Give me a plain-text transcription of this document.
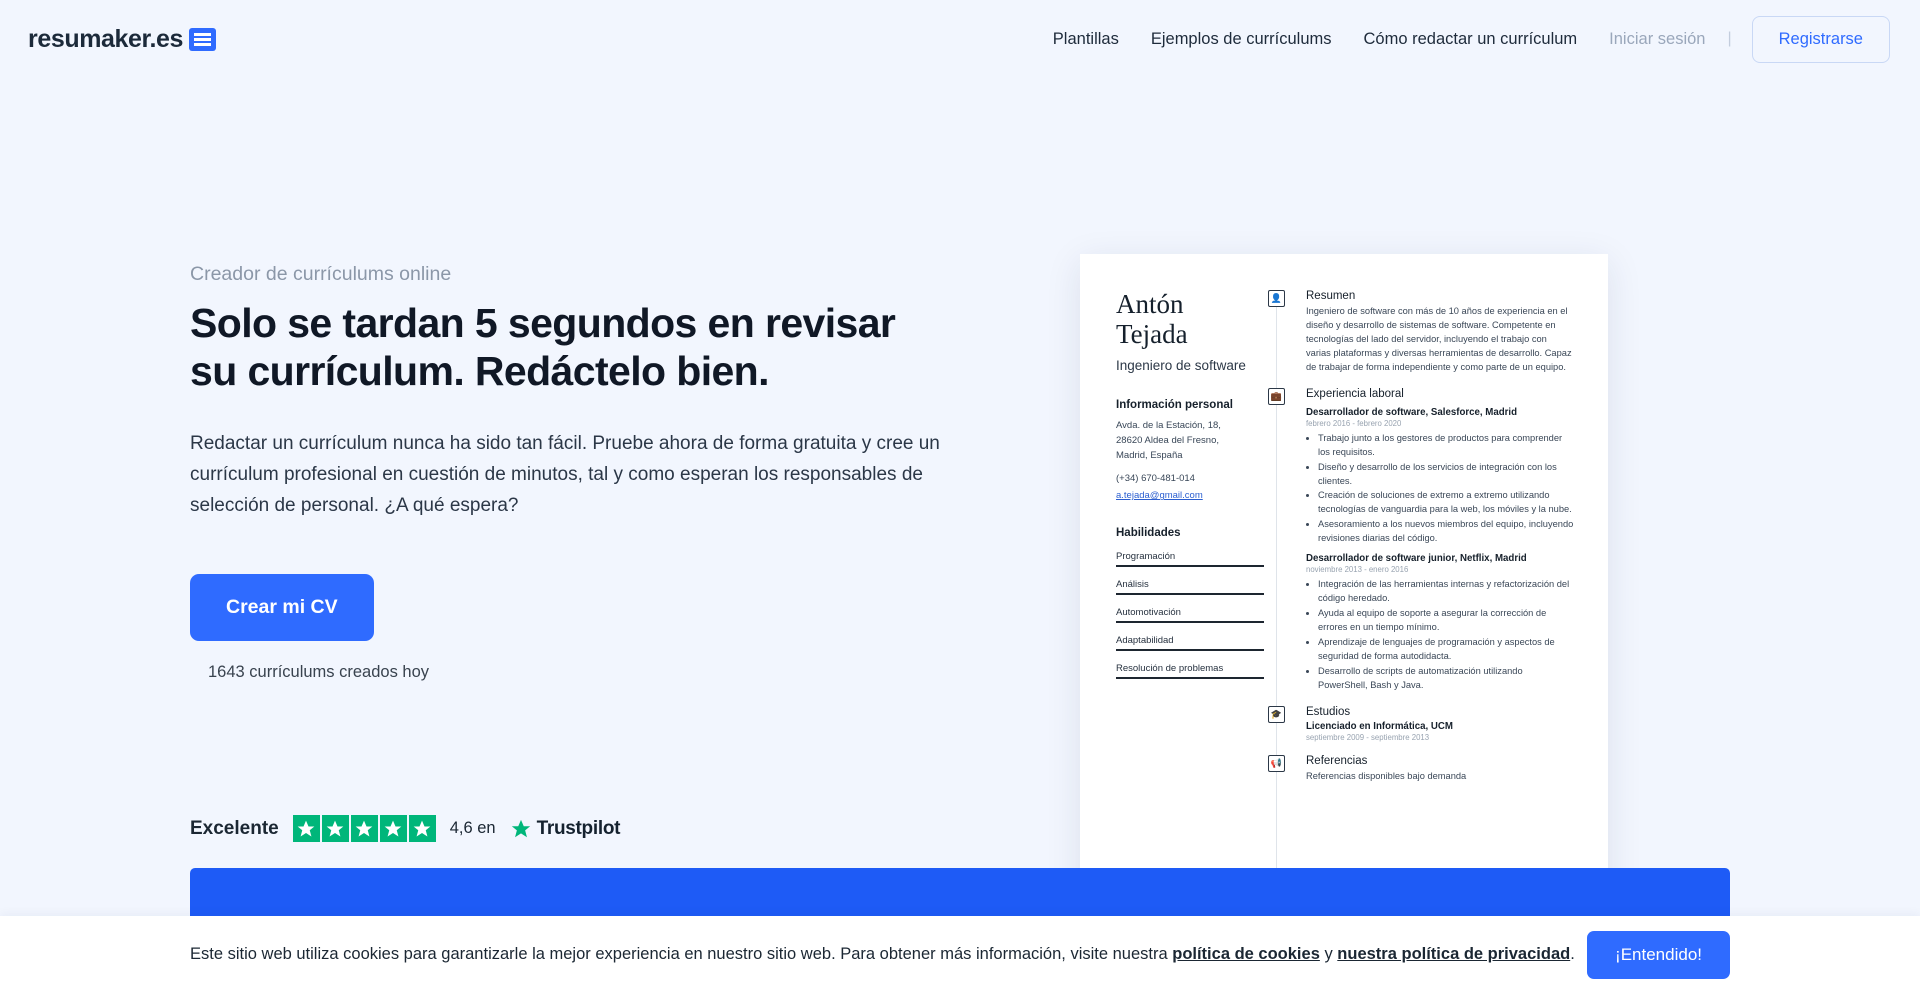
resumaker.es	Plantillas	Ejemplos de currículums	Cómo redactar un currículum	Iniciar sesión	|	Registrarse
Creador de currículums online
Solo se tardan 5 segundos en revisar su currículum. Redáctelo bien.

Redactar un currículum nunca ha sido tan fácil. Pruebe ahora de forma gratuita y cree un currículum profesional en cuestión de minutos, tal y como esperan los responsables de selección de personal. ¿A qué espera?

Crear mi CV
1643 currículums creados hoy
Antón
Tejada
Ingeniero de software
Información personal
Avda. de la Estación, 18,
28620 Aldea del Fresno,
Madrid, España
(+34) 670-481-014
a.tejada@gmail.com
Habilidades
Programación
Análisis
Automotivación
Adaptabilidad
Resolución de problemas
👤 Resumen
Ingeniero de software con más de 10 años de experiencia en el diseño y desarrollo de sistemas de software. Competente en tecnologías del lado del servidor, incluyendo el trabajo con varias plataformas y diversas herramientas de desarrollo. Capaz de trabajar de forma independiente y como parte de un equipo.
💼 Experiencia laboral
Desarrollador de software, Salesforce, Madrid
febrero 2016 - febrero 2020
• Trabajo junto a los gestores de productos para comprender los requisitos.
• Diseño y desarrollo de los servicios de integración con los clientes.
• Creación de soluciones de extremo a extremo utilizando tecnologías de vanguardia para la web, los móviles y la nube.
• Asesoramiento a los nuevos miembros del equipo, incluyendo revisiones diarias del código.
Desarrollador de software junior, Netflix, Madrid
noviembre 2013 - enero 2016
• Integración de las herramientas internas y refactorización del código heredado.
• Ayuda al equipo de soporte a asegurar la corrección de errores en un tiempo mínimo.
• Aprendizaje de lenguajes de programación y aspectos de seguridad de forma autodidacta.
• Desarrollo de scripts de automatización utilizando PowerShell, Bash y Java.
🎓 Estudios
Licenciado en Informática, UCM
septiembre 2009 - septiembre 2013
📢 Referencias
Referencias disponibles bajo demanda
Excelente	4,6 en Trustpilot
Este sitio web utiliza cookies para garantizarle la mejor experiencia en nuestro sitio web. Para obtener más información, visite nuestra política de cookies y nuestra política de privacidad.	¡Entendido!
